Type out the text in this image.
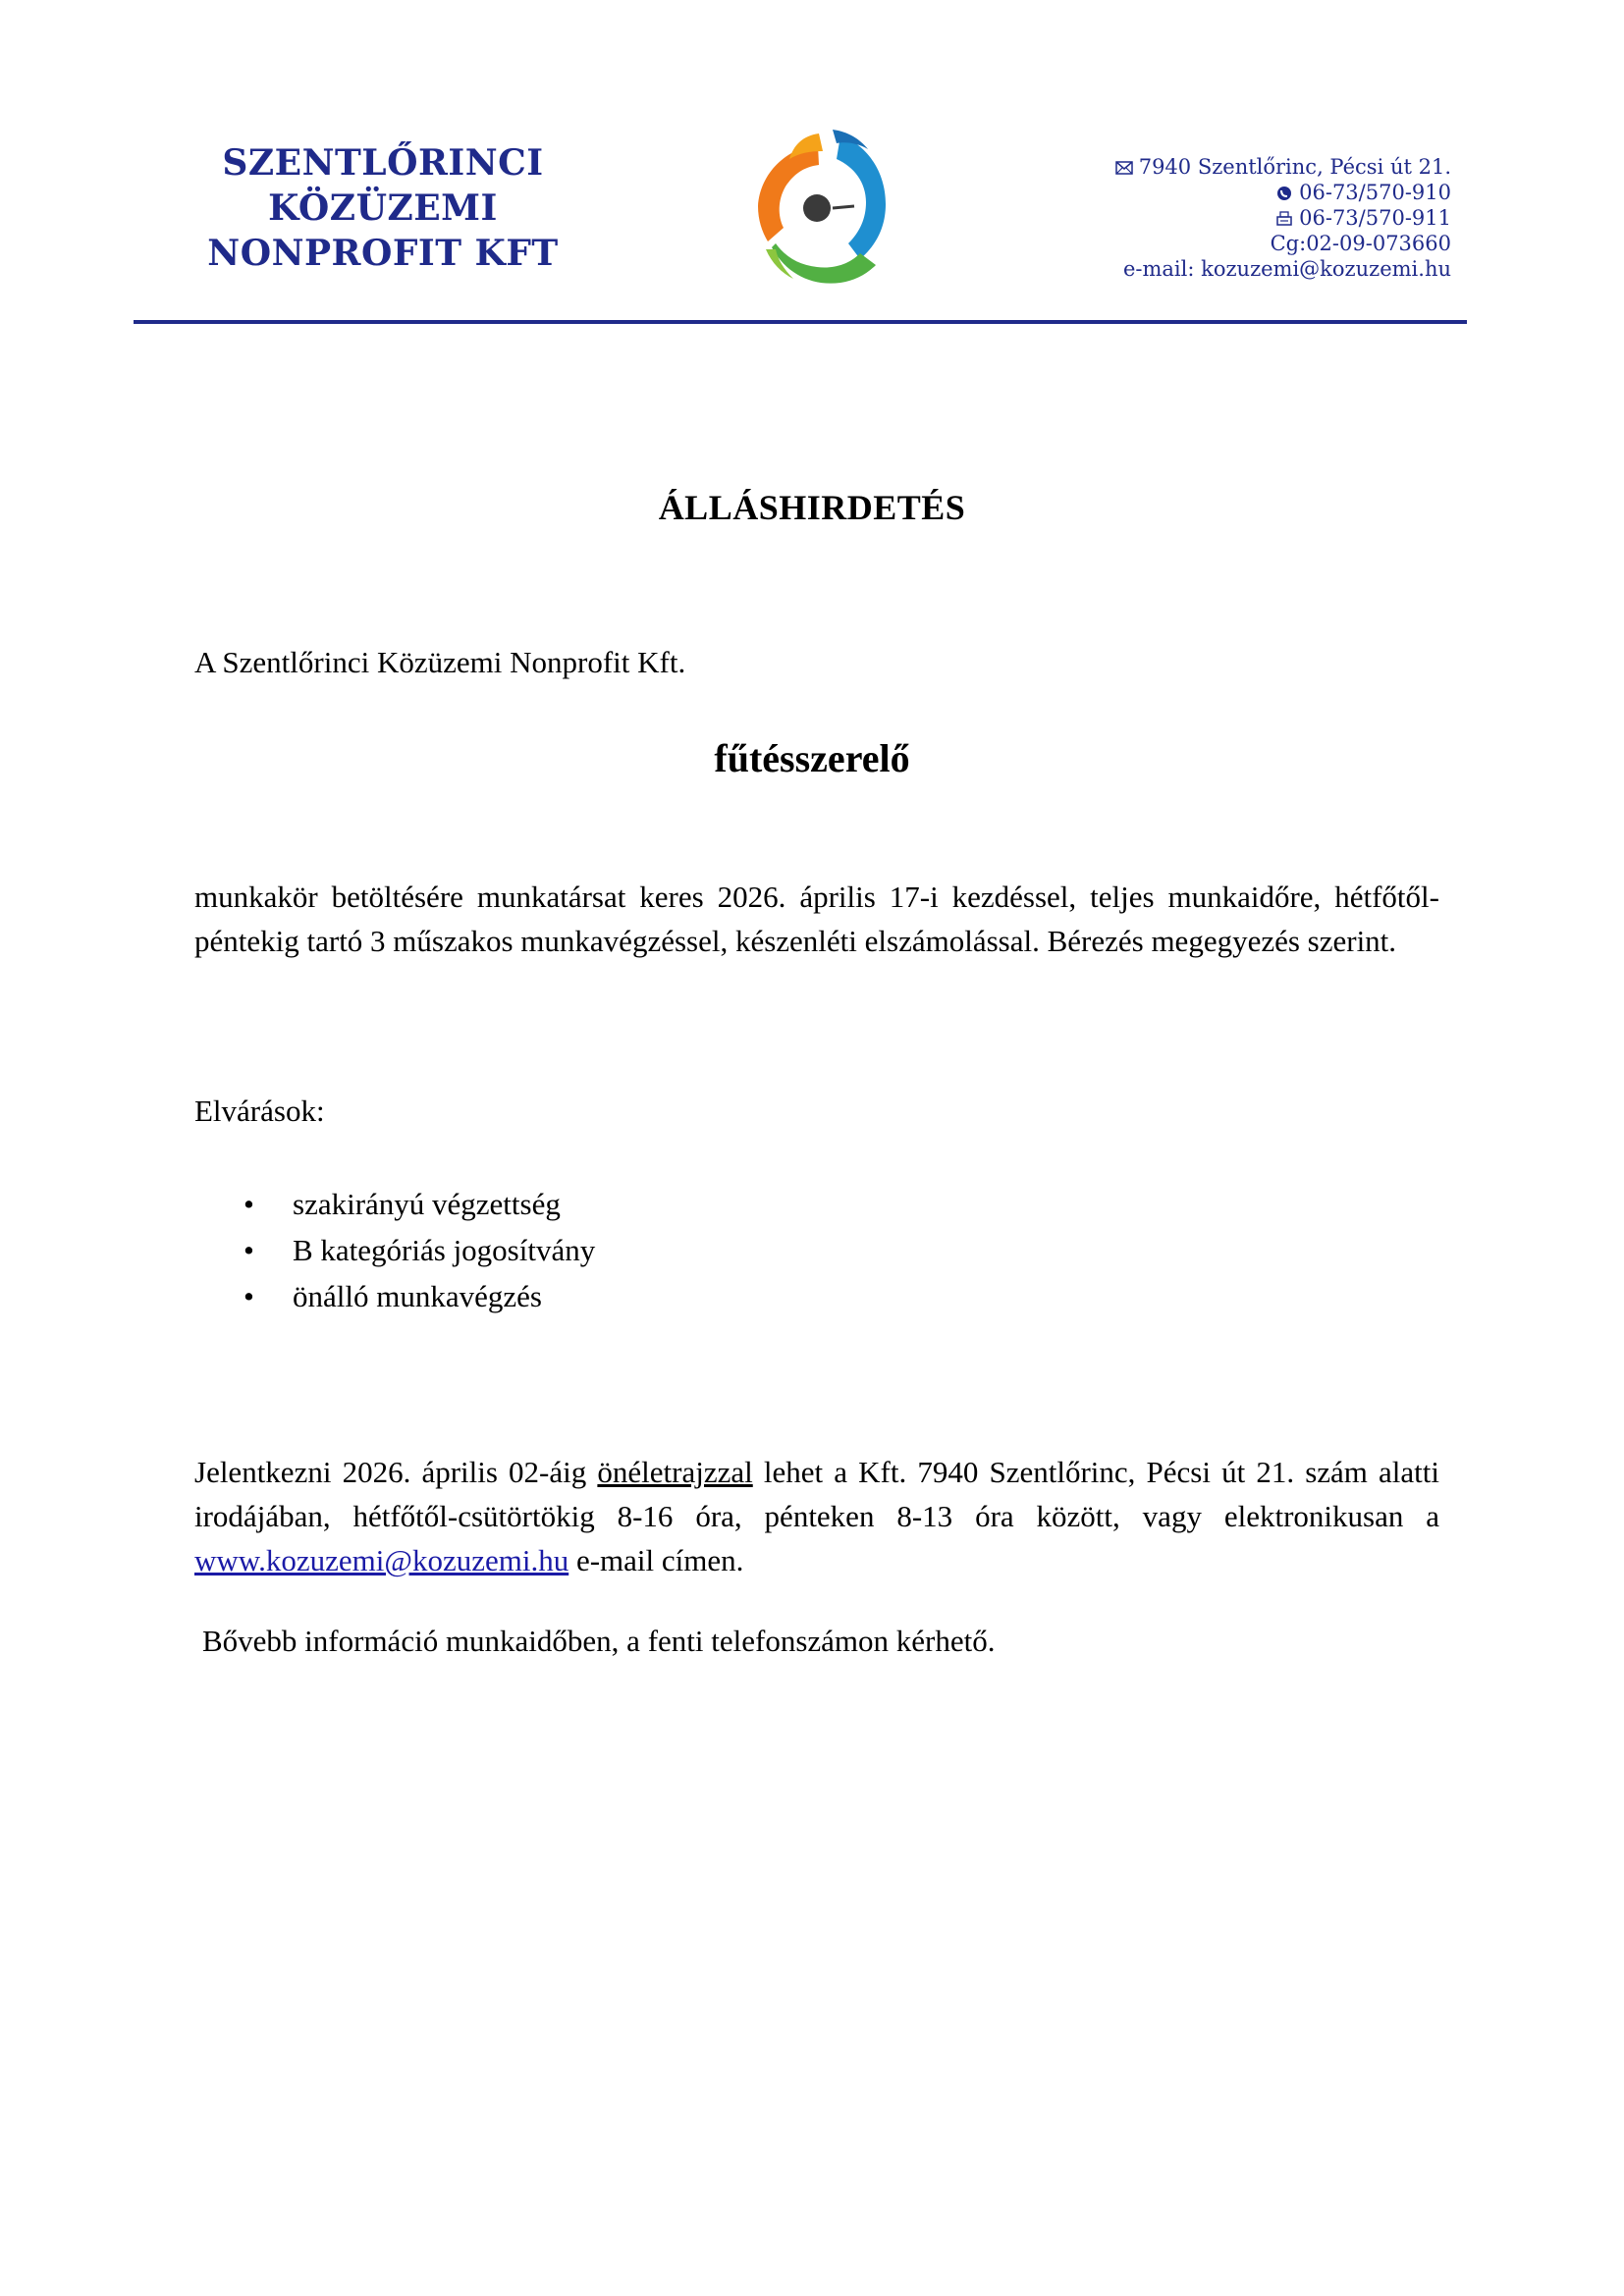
SZENTLŐRINCI
KÖZÜZEMI
NONPROFIT KFT
7940 Szentlőrinc, Pécsi út 21.
06-73/570-910
06-73/570-911
Cg:02-09-073660
e-mail: kozuzemi@kozuzemi.hu
ÁLLÁSHIRDETÉS
A Szentlőrinci Közüzemi Nonprofit Kft.
fűtésszerelő
munkakör betöltésére munkatársat keres 2026. április 17-i kezdéssel, teljes munkaidőre, hétfőtől-péntekig tartó 3 műszakos munkavégzéssel, készenléti elszámolással. Bérezés megegyezés szerint.
Elvárások:
• szakirányú végzettség
• B kategóriás jogosítvány
• önálló munkavégzés
Jelentkezni 2026. április 02-áig önéletrajzzal lehet a Kft. 7940 Szentlőrinc, Pécsi út 21. szám alatti irodájában, hétfőtől-csütörtökig 8-16 óra, pénteken 8-13 óra között, vagy elektronikusan a www.kozuzemi@kozuzemi.hu e-mail címen.
Bővebb információ munkaidőben, a fenti telefonszámon kérhető.
